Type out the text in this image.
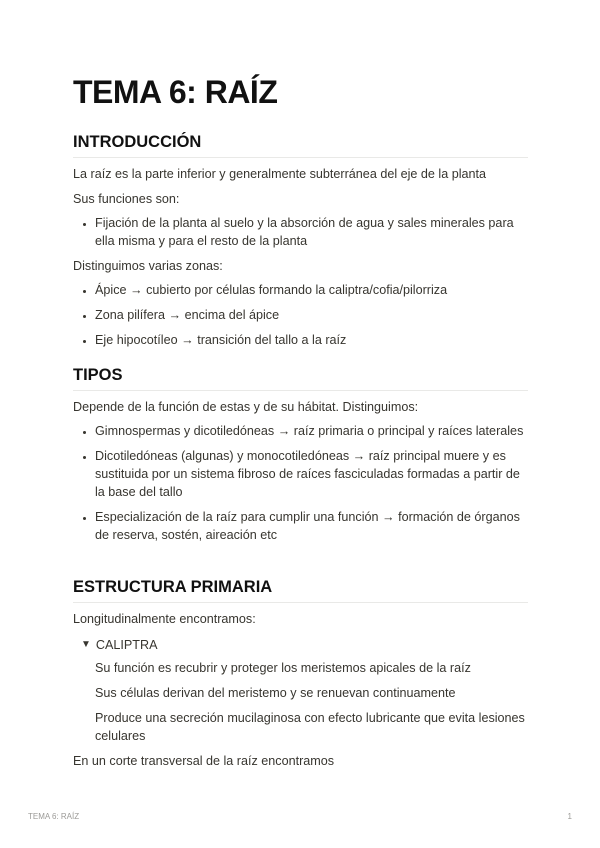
TEMA 6: RAÍZ
INTRODUCCIÓN

La raíz es la parte inferior y generalmente subterránea del eje de la planta

Sus funciones son:

• Fijación de la planta al suelo y la absorción de agua y sales minerales para ella misma y para el resto de la planta

Distinguimos varias zonas:

• Ápice → cubierto por células formando la caliptra/cofia/pilorriza
• Zona pilífera → encima del ápice
• Eje hipocotíleo → transición del tallo a la raíz
TIPOS

Depende de la función de estas y de su hábitat. Distinguimos:

• Gimnospermas y dicotiledóneas → raíz primaria o principal y raíces laterales
• Dicotiledóneas (algunas) y monocotiledóneas → raíz principal muere y es sustituida por un sistema fibroso de raíces fasciculadas formadas a partir de la base del tallo
• Especialización de la raíz para cumplir una función → formación de órganos de reserva, sostén, aireación etc
ESTRUCTURA PRIMARIA

Longitudinalmente encontramos:

▼ CALIPTRA
Su función es recubrir y proteger los meristemos apicales de la raíz
Sus células derivan del meristemo y se renuevan continuamente
Produce una secreción mucilaginosa con efecto lubricante que evita lesiones celulares

En un corte transversal de la raíz encontramos

TEMA 6: RAÍZ	1
